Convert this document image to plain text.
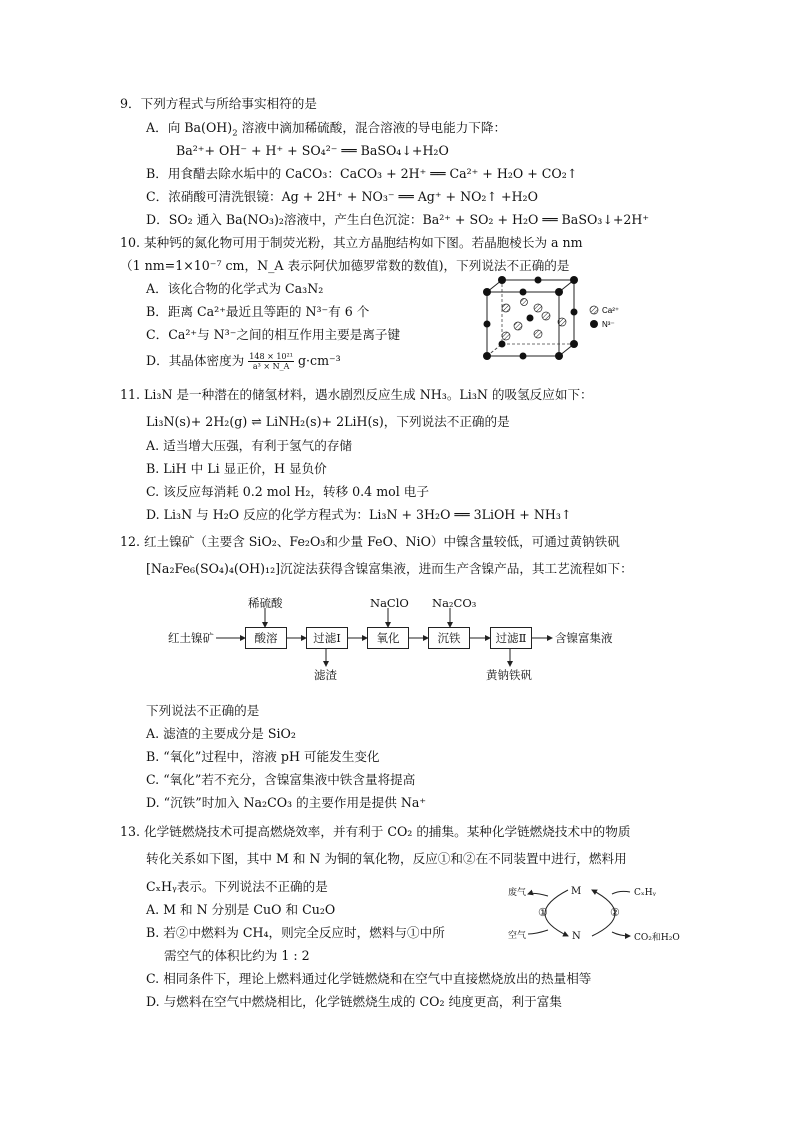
9．下列方程式与所给事实相符的是
A．向 $Ba(OH)_2$ 溶液中滴加稀硫酸，混合溶液的导电能力下降：
Ba²⁺+ OH⁻ + H⁺ + SO₄²⁻ ══ BaSO₄↓+H₂O
B．用食醋去除水垢中的 CaCO₃：CaCO₃ + 2H⁺ ══ Ca²⁺ + H₂O + CO₂↑
C．浓硝酸可清洗银镜：Ag + 2H⁺ + NO₃⁻ ══ Ag⁺ + NO₂↑ +H₂O
D．SO₂ 通入 Ba(NO₃)₂溶液中，产生白色沉淀：Ba²⁺ + SO₂ + H₂O ══ BaSO₃↓+2H⁺
10. 某种钙的氮化物可用于制荧光粉，其立方晶胞结构如下图。若晶胞棱长为 a nm
（1 nm=1×10⁻⁷ cm，N_A 表示阿伏加德罗常数的数值)，下列说法不正确的是
A．该化合物的化学式为 Ca₃N₂
B．距离 Ca²⁺最近且等距的 N³⁻有 6 个
C．Ca²⁺与 N³⁻之间的相互作用主要是离子键
D．其晶体密度为 $\frac{\text{148 × 10²¹}}{\text{a³ × N\_A}} g\cdot cm^{-3}$
Ca²⁺
N³⁻
11. Li₃N 是一种潜在的储氢材料，遇水剧烈反应生成 NH₃。Li₃N 的吸氢反应如下：
Li₃N(s)+ 2H₂(g) ⇌ LiNH₂(s)+ 2LiH(s)，下列说法不正确的是
A. 适当增大压强，有利于氢气的存储
B. LiH 中 Li 显正价，H 显负价
C. 该反应每消耗 0.2 mol H₂，转移 0.4 mol 电子
D. Li₃N 与 H₂O 反应的化学方程式为：Li₃N + 3H₂O ══ 3LiOH + NH₃↑
12. 红土镍矿（主要含 SiO₂、Fe₂O₃和少量 FeO、NiO）中镍含量较低，可通过黄钠铁矾
[Na₂Fe₆(SO₄)₄(OH)₁₂]沉淀法获得含镍富集液，进而生产含镍产品，其工艺流程如下：
红土镍矿	酸溶	过滤Ⅰ	氧化	沉铁	过滤Ⅱ	含镍富集液
稀硫酸	NaClO Na₂CO₃
滤渣	黄钠铁矾
下列说法不正确的是
A. 滤渣的主要成分是 SiO₂
B. “氧化”过程中，溶液 pH 可能发生变化
C. “氧化”若不充分，含镍富集液中铁含量将提高
D. “沉铁”时加入 Na₂CO₃ 的主要作用是提供 Na⁺
13. 化学链燃烧技术可提高燃烧效率，并有利于 CO₂ 的捕集。某种化学链燃烧技术中的物质
转化关系如下图，其中 M 和 N 为铜的氧化物，反应①和②在不同装置中进行，燃料用
CₓHᵧ表示。下列说法不正确的是
A. M 和 N 分别是 CuO 和 Cu₂O
B. 若②中燃料为 CH₄，则完全反应时，燃料与①中所
需空气的体积比约为 1 : 2
C. 相同条件下，理论上燃料通过化学链燃烧和在空气中直接燃烧放出的热量相等
D. 与燃料在空气中燃烧相比，化学链燃烧生成的 CO₂ 纯度更高，利于富集
废气
空气
M
N
①	②
CₓHᵧ
CO₂和H₂O
